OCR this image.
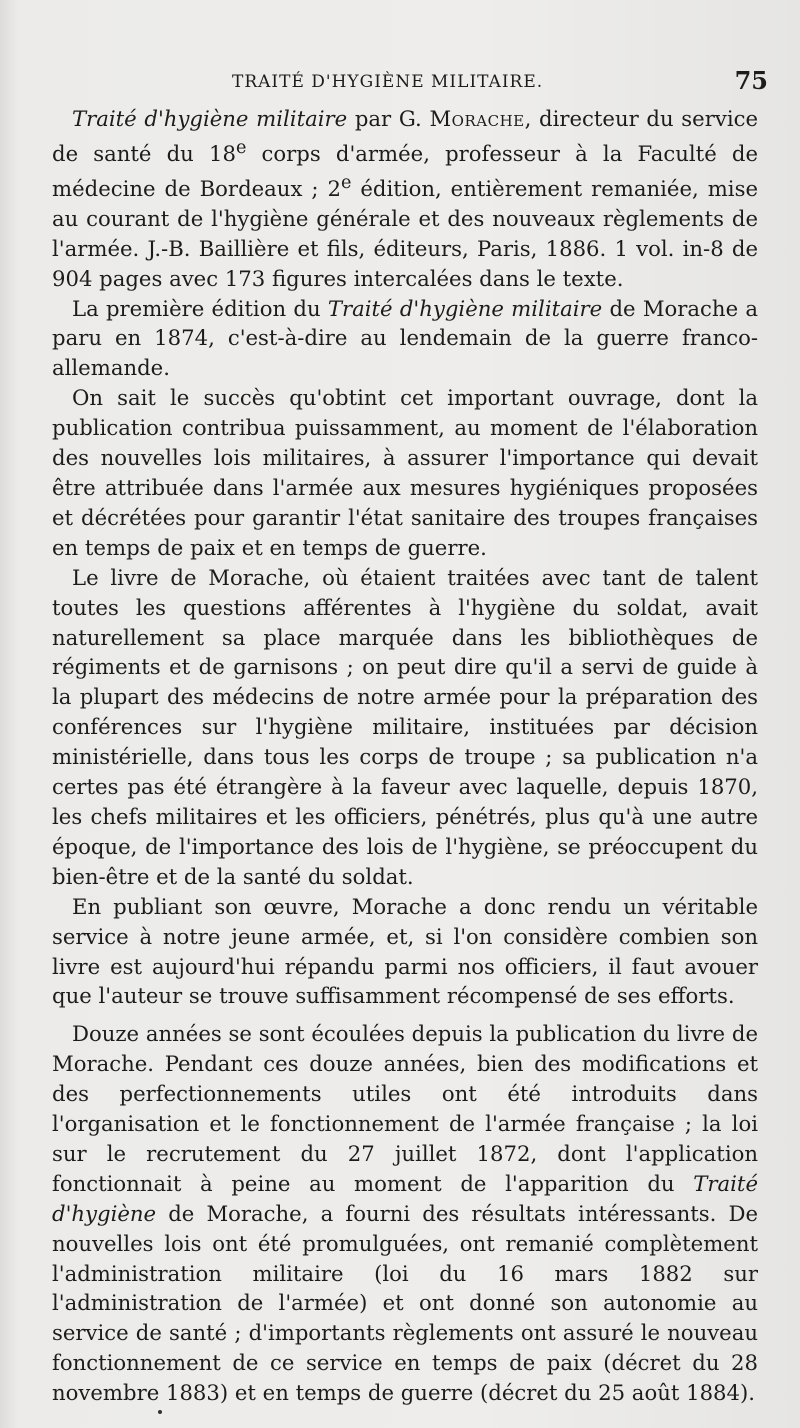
TRAITÉ D'HYGIÈNE MILITAIRE.	75

Traité d'hygiène militaire par G. Morache, directeur du service de santé du 18e corps d'armée, professeur à la Faculté de médecine de Bordeaux ; 2e édition, entièrement remaniée, mise au courant de l'hygiène générale et des nouveaux règlements de l'armée. J.-B. Baillière et fils, éditeurs, Paris, 1886. 1 vol. in-8 de 904 pages avec 173 figures intercalées dans le texte.

La première édition du Traité d'hygiène militaire de Morache a paru en 1874, c'est-à-dire au lendemain de la guerre franco-allemande.

On sait le succès qu'obtint cet important ouvrage, dont la publication contribua puissamment, au moment de l'élaboration des nouvelles lois militaires, à assurer l'importance qui devait être attribuée dans l'armée aux mesures hygiéniques proposées et décrétées pour garantir l'état sanitaire des troupes françaises en temps de paix et en temps de guerre.

Le livre de Morache, où étaient traitées avec tant de talent toutes les questions afférentes à l'hygiène du soldat, avait naturellement sa place marquée dans les bibliothèques de régiments et de garnisons ; on peut dire qu'il a servi de guide à la plupart des médecins de notre armée pour la préparation des conférences sur l'hygiène militaire, instituées par décision ministérielle, dans tous les corps de troupe ; sa publication n'a certes pas été étrangère à la faveur avec laquelle, depuis 1870, les chefs militaires et les officiers, pénétrés, plus qu'à une autre époque, de l'importance des lois de l'hygiène, se préoccupent du bien-être et de la santé du soldat.

En publiant son œuvre, Morache a donc rendu un véritable service à notre jeune armée, et, si l'on considère combien son livre est aujourd'hui répandu parmi nos officiers, il faut avouer que l'auteur se trouve suffisamment récompensé de ses efforts.

Douze années se sont écoulées depuis la publication du livre de Morache. Pendant ces douze années, bien des modifications et des perfectionnements utiles ont été introduits dans l'organisation et le fonctionnement de l'armée française ; la loi sur le recrutement du 27 juillet 1872, dont l'application fonctionnait à peine au moment de l'apparition du Traité d'hygiène de Morache, a fourni des résultats intéressants. De nouvelles lois ont été promulguées, ont remanié complètement l'administration militaire (loi du 16 mars 1882 sur l'administration de l'armée) et ont donné son autonomie au service de santé ; d'importants règlements ont assuré le nouveau fonctionnement de ce service en temps de paix (décret du 28 novembre 1883) et en temps de guerre (décret du 25 août 1884).
